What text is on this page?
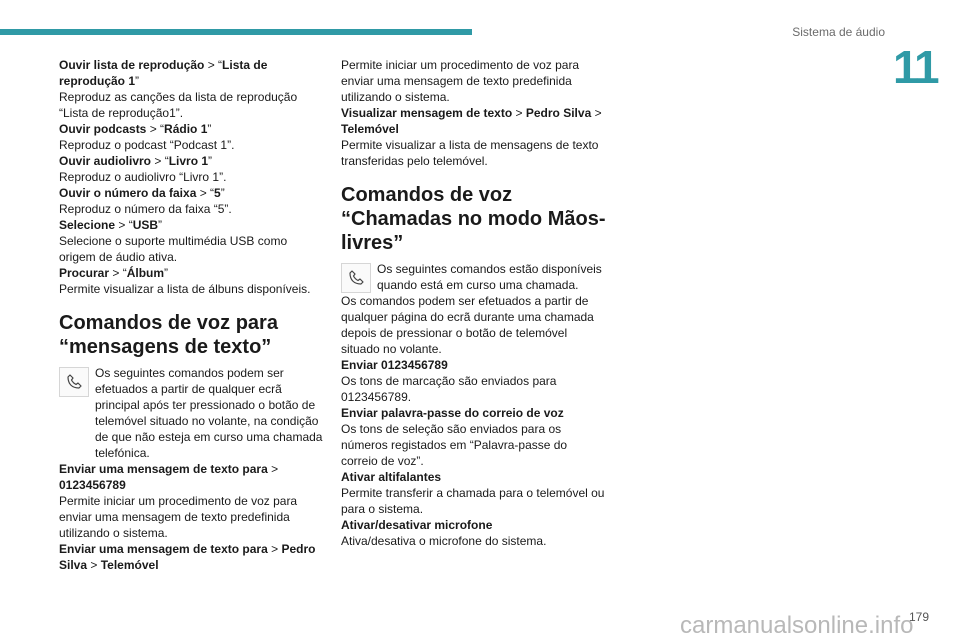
Sistema de áudio
11

Ouvir lista de reprodução > “Lista de reprodução 1”

Reproduz as canções da lista de reprodução “Lista de reprodução1”.

Ouvir podcasts > “Rádio 1”

Reproduz o podcast “Podcast 1”.

Ouvir audiolivro > “Livro 1”

Reproduz o audiolivro “Livro 1”.

Ouvir o número da faixa > “5”

Reproduz o número da faixa “5”.

Selecione > “USB”

Selecione o suporte multimédia USB como origem de áudio ativa.

Procurar > “Álbum”

Permite visualizar a lista de álbuns disponíveis.

Comandos de voz para “mensagens de texto”

Os seguintes comandos podem ser efetuados a partir de qualquer ecrã principal após ter pressionado o botão de telemóvel situado no volante, na condição de que não esteja em curso uma chamada telefónica.

Enviar uma mensagem de texto para > 0123456789

Permite iniciar um procedimento de voz para enviar uma mensagem de texto predefinida utilizando o sistema.

Enviar uma mensagem de texto para > Pedro Silva > Telemóvel

Permite iniciar um procedimento de voz para enviar uma mensagem de texto predefinida utilizando o sistema.

Visualizar mensagem de texto > Pedro Silva > Telemóvel

Permite visualizar a lista de mensagens de texto transferidas pelo telemóvel.

Comandos de voz “Chamadas no modo Mãos-livres”

Os seguintes comandos estão disponíveis quando está em curso uma chamada.

Os comandos podem ser efetuados a partir de qualquer página do ecrã durante uma chamada depois de pressionar o botão de telemóvel situado no volante.

Enviar 0123456789

Os tons de marcação são enviados para 0123456789.

Enviar palavra-passe do correio de voz

Os tons de seleção são enviados para os números registados em “Palavra-passe do correio de voz”.

Ativar altifalantes

Permite transferir a chamada para o telemóvel ou para o sistema.

Ativar/desativar microfone

Ativa/desativa o microfone do sistema.

carmanualsonline.info
179
